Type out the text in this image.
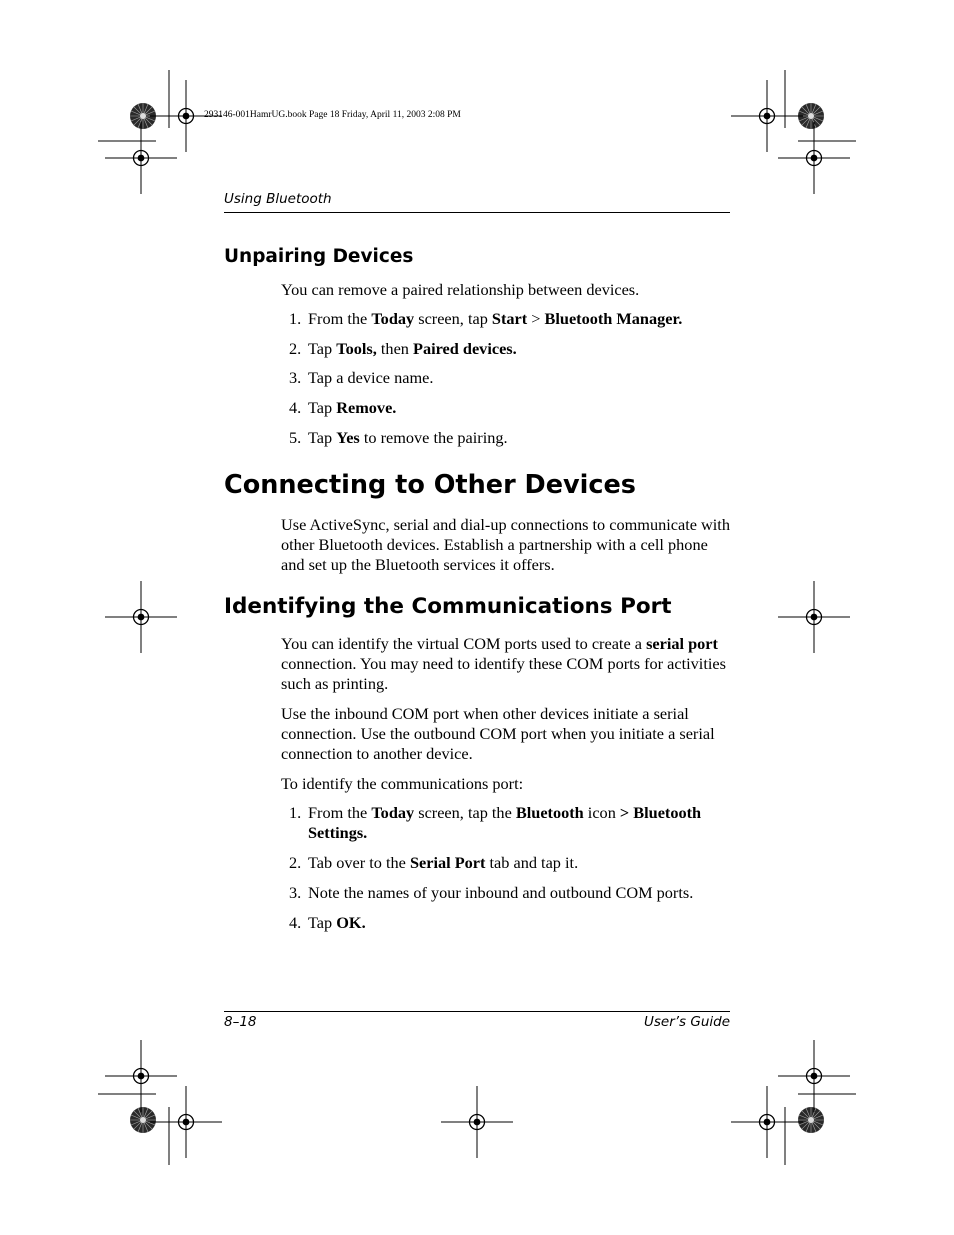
293146-001HamrUG.book Page 18 Friday, April 11, 2003 2:08 PM
Using Bluetooth
Unpairing Devices
You can remove a paired relationship between devices.
1. From the Today screen, tap Start > Bluetooth Manager.
2. Tap Tools, then Paired devices.
3. Tap a device name.
4. Tap Remove.
5. Tap Yes to remove the pairing.
Connecting to Other Devices
Use ActiveSync, serial and dial-up connections to communicate with other Bluetooth devices. Establish a partnership with a cell phone and set up the Bluetooth services it offers.
Identifying the Communications Port
You can identify the virtual COM ports used to create a serial port connection. You may need to identify these COM ports for activities such as printing.
Use the inbound COM port when other devices initiate a serial connection. Use the outbound COM port when you initiate a serial connection to another device.
To identify the communications port:
1. From the Today screen, tap the Bluetooth icon > Bluetooth Settings.
2. Tab over to the Serial Port tab and tap it.
3. Note the names of your inbound and outbound COM ports.
4. Tap OK.
8–18	User’s Guide
